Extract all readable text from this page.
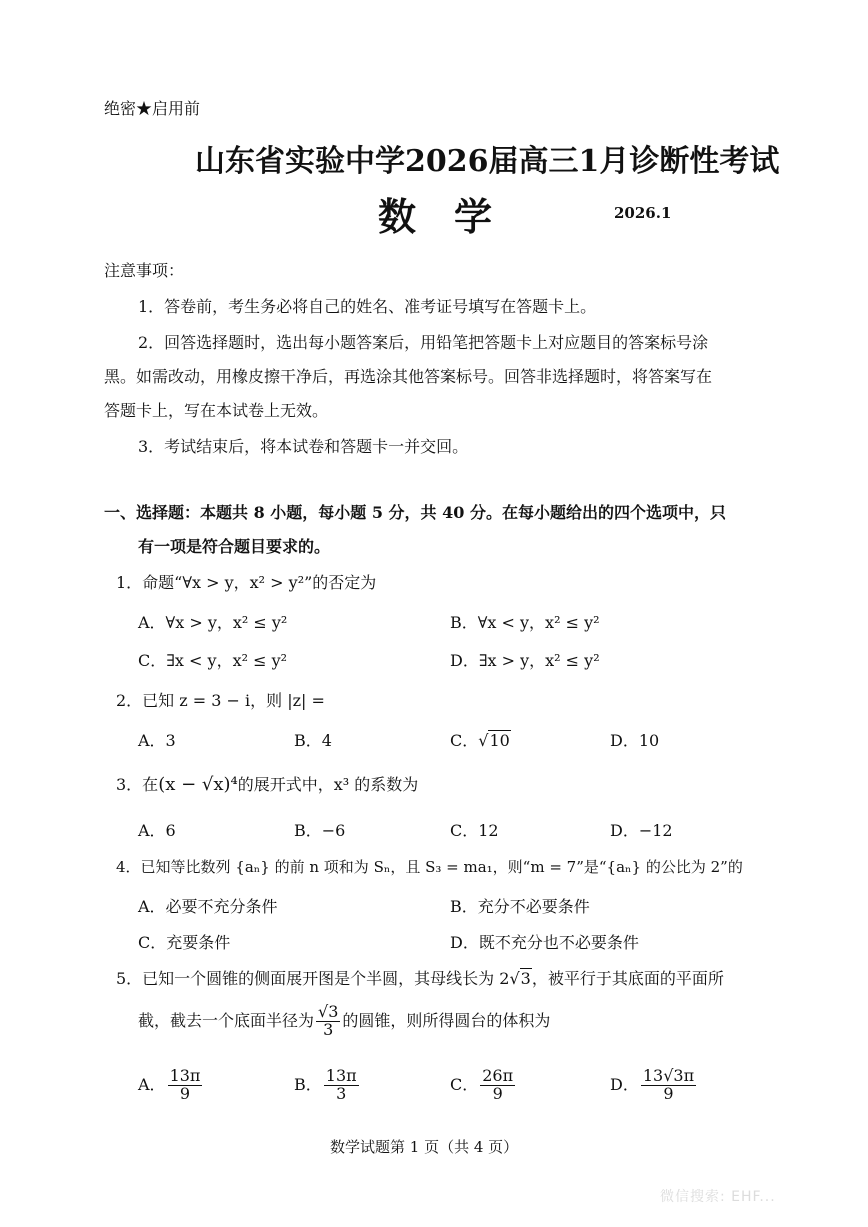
绝密★启用前
山东省实验中学2026届高三1月诊断性考试
数　学	2026.1
注意事项：
1．答卷前，考生务必将自己的姓名、准考证号填写在答题卡上。
2．回答选择题时，选出每小题答案后，用铅笔把答题卡上对应题目的答案标号涂
黑。如需改动，用橡皮擦干净后，再选涂其他答案标号。回答非选择题时，将答案写在
答题卡上，写在本试卷上无效。
3．考试结束后，将本试卷和答题卡一并交回。
一、选择题：本题共 8 小题，每小题 5 分，共 40 分。在每小题给出的四个选项中，只
有一项是符合题目要求的。
1．命题“∀x > y，x² > y²”的否定为
A．∀x > y，x² ≤ y²	B．∀x < y，x² ≤ y²
C．∃x < y，x² ≤ y²	D．∃x > y，x² ≤ y²
2．已知 z = 3 − i，则 |z| =
A．3	B．4	C．√10	D．10
3．在(x − √x)⁴的展开式中，x³ 的系数为
A．6	B．−6	C．12	D．−12
4．已知等比数列 {aₙ} 的前 n 项和为 Sₙ，且 S₃ = ma₁，则“m = 7”是“{aₙ} 的公比为 2”的
A．必要不充分条件	B．充分不必要条件
C．充要条件	D．既不充分也不必要条件
5．已知一个圆锥的侧面展开图是个半圆，其母线长为 2√3，被平行于其底面的平面所
截，截去一个底面半径为 $\frac{√3}{3}$ 的圆锥，则所得圆台的体积为
A． $\frac{13\pi}{9}$	B． $\frac{13\pi}{3}$	C． $\frac{26\pi}{9}$	D． $\frac{13√3\pi}{9}$
数学试题第 1 页（共 4 页）
微信搜索: EHF...
